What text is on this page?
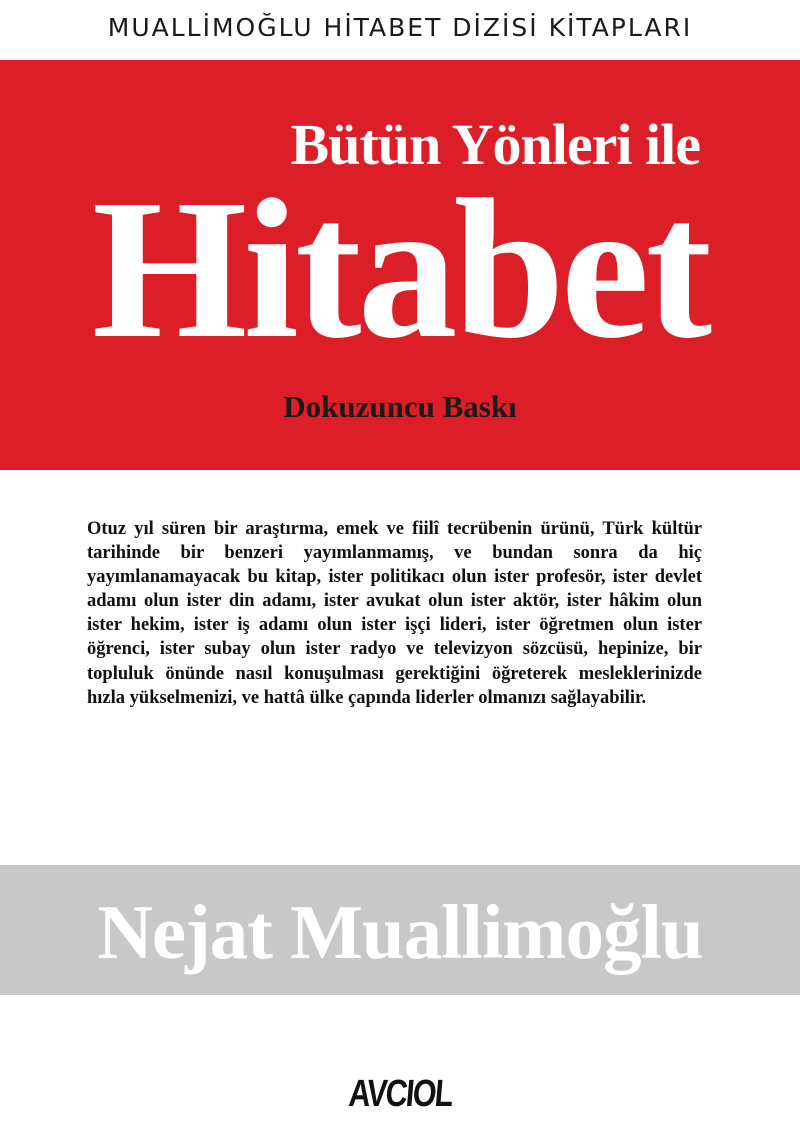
MUALLİMOĞLU HİTABET DİZİSİ KİTAPLARI
Bütün Yönleri ile
Hitabet
Dokuzuncu Baskı

Otuz yıl süren bir araştırma, emek ve fiilî tecrübenin ürünü, Türk kültür tarihinde bir benzeri yayımlanmamış, ve bundan sonra da hiç yayımlanamayacak bu kitap, ister politikacı olun ister profesör, ister devlet adamı olun ister din adamı, ister avukat olun ister aktör, ister hâkim olun ister hekim, ister iş adamı olun ister işçi lideri, ister öğretmen olun ister öğrenci, ister subay olun ister radyo ve televizyon sözcüsü, hepinize, bir topluluk önünde nasıl konuşulması gerektiğini öğreterek mesleklerinizde hızla yükselmenizi, ve hattâ ülke çapında liderler olmanızı sağlayabilir.

Nejat Muallimoğlu
AVCIOL
